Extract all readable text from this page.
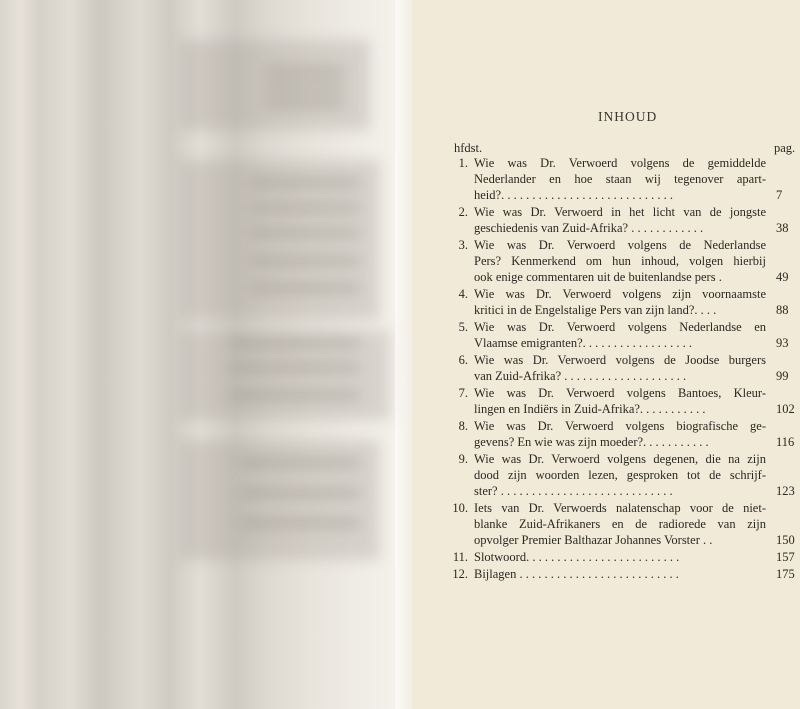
INHOUD
hfdst.	pag.
1. Wie was Dr. Verwoerd volgens de gemiddelde
Nederlander en hoe staan wij tegenover apart-
heid?. . . . . . . . . . . . . . . . . . . . . . . . . . . .	7
2. Wie was Dr. Verwoerd in het licht van de jongste
geschiedenis van Zuid-Afrika? . . . . . . . . . . . .	38
3. Wie was Dr. Verwoerd volgens de Nederlandse
Pers? Kenmerkend om hun inhoud, volgen hierbij
ook enige commentaren uit de buitenlandse pers .	49
4. Wie was Dr. Verwoerd volgens zijn voornaamste
kritici in de Engelstalige Pers van zijn land?. . . .	88
5. Wie was Dr. Verwoerd volgens Nederlandse en
Vlaamse emigranten?. . . . . . . . . . . . . . . . . .	93
6. Wie was Dr. Verwoerd volgens de Joodse burgers
van Zuid-Afrika? . . . . . . . . . . . . . . . . . . . .	99
7. Wie was Dr. Verwoerd volgens Bantoes, Kleur-
lingen en Indiërs in Zuid-Afrika?. . . . . . . . . . .	102
8. Wie was Dr. Verwoerd volgens biografische ge-
gevens? En wie was zijn moeder?. . . . . . . . . . .	116
9. Wie was Dr. Verwoerd volgens degenen, die na zijn
dood zijn woorden lezen, gesproken tot de schrijf-
ster? . . . . . . . . . . . . . . . . . . . . . . . . . . . .	123
10. Iets van Dr. Verwoerds nalatenschap voor de niet-
blanke Zuid-Afrikaners en de radiorede van zijn
opvolger Premier Balthazar Johannes Vorster . .	150
11. Slotwoord. . . . . . . . . . . . . . . . . . . . . . . . .	157
12. Bijlagen . . . . . . . . . . . . . . . . . . . . . . . . . .	175
